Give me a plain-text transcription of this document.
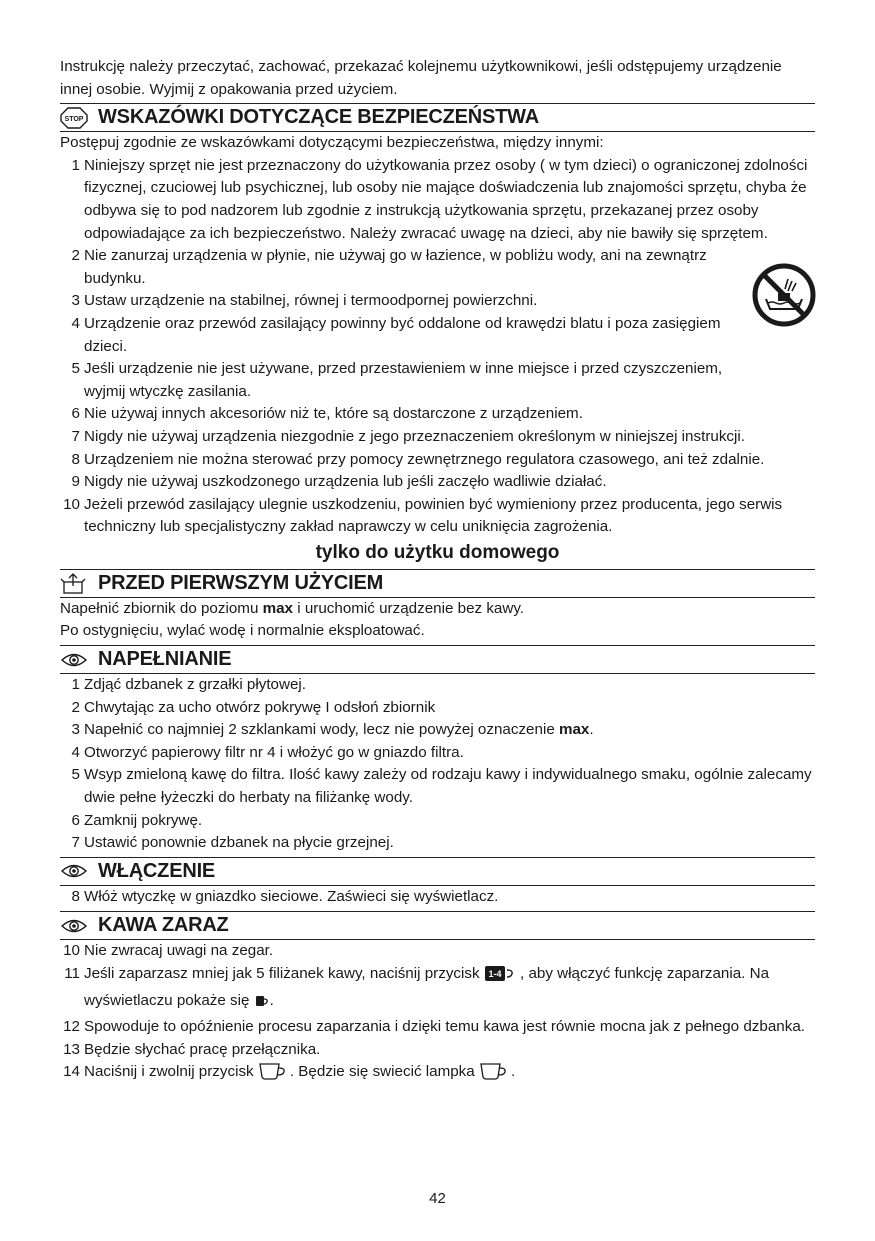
Instrukcję należy przeczytać, zachować, przekazać kolejnemu użytkownikowi, jeśli odstępujemy urządzenie innej osobie. Wyjmij z opakowania przed użyciem.

STOP WSKAZÓWKI DOTYCZĄCE BEZPIECZEŃSTWA

Postępuj zgodnie ze wskazówkami dotyczącymi bezpieczeństwa, między innymi:

1 Niniejszy sprzęt nie jest przeznaczony do użytkowania przez osoby ( w tym dzieci) o ograniczonej zdolności fizycznej, czuciowej lub psychicznej, lub osoby nie mające doświadczenia lub znajomości sprzętu, chyba że odbywa się to pod nadzorem lub zgodnie z instrukcją użytkowania sprzętu, przekazanej przez osoby odpowiadające za ich bezpieczeństwo. Należy zwracać uwagę na dzieci, aby nie bawiły się sprzętem.
2 Nie zanurzaj urządzenia w płynie, nie używaj go w łazience, w pobliżu wody, ani na zewnątrz budynku.
3 Ustaw urządzenie na stabilnej, równej i termoodpornej powierzchni.
4 Urządzenie oraz przewód zasilający powinny być oddalone od krawędzi blatu i poza zasięgiem dzieci.
5 Jeśli urządzenie nie jest używane, przed przestawieniem w inne miejsce i przed czyszczeniem, wyjmij wtyczkę zasilania.
6 Nie używaj innych akcesoriów niż te, które są dostarczone z urządzeniem.
7 Nigdy nie używaj urządzenia niezgodnie z jego przeznaczeniem określonym w niniejszej instrukcji.
8 Urządzeniem nie można sterować przy pomocy zewnętrznego regulatora czasowego, ani też zdalnie.
9 Nigdy nie używaj uszkodzonego urządzenia lub jeśli zaczęło wadliwie działać.
10 Jeżeli przewód zasilający ulegnie uszkodzeniu, powinien być wymieniony przez producenta, jego serwis techniczny lub specjalistyczny zakład naprawczy w celu uniknięcia zagrożenia.

tylko do użytku domowego

PRZED PIERWSZYM UŻYCIEM

Napełnić zbiornik do poziomu max i uruchomić urządzenie bez kawy.

Po ostygnięciu, wylać wodę i normalnie eksploatować.

NAPEŁNIANIE
1 Zdjąć dzbanek z grzałki płytowej.
2 Chwytając za ucho otwórz pokrywę I odsłoń zbiornik
3 Napełnić co najmniej 2 szklankami wody, lecz nie powyżej oznaczenie max.
4 Otworzyć papierowy filtr nr 4 i włożyć go w gniazdo filtra.
5 Wsyp zmieloną kawę do filtra. Ilość kawy zależy od rodzaju kawy i indywidualnego smaku, ogólnie zalecamy dwie pełne łyżeczki do herbaty na filiżankę wody.
6 Zamknij pokrywę.
7 Ustawić ponownie dzbanek na płycie grzejnej.
WŁĄCZENIE
8 Włóż wtyczkę w gniazdko sieciowe. Zaświeci się wyświetlacz.
KAWA ZARAZ
10 Nie zwracaj uwagi na zegar.
11 Jeśli zaparzasz mniej jak 5 filiżanek kawy, naciśnij przycisk 1-4 , aby włączyć funkcję zaparzania. Na wyświetlaczu pokaże się .
12 Spowoduje to opóźnienie procesu zaparzania i dzięki temu kawa jest równie mocna jak z pełnego dzbanka.
13 Będzie słychać pracę przełącznika.
14 Naciśnij i zwolnij przycisk . Będzie się swiecić lampka .
42
